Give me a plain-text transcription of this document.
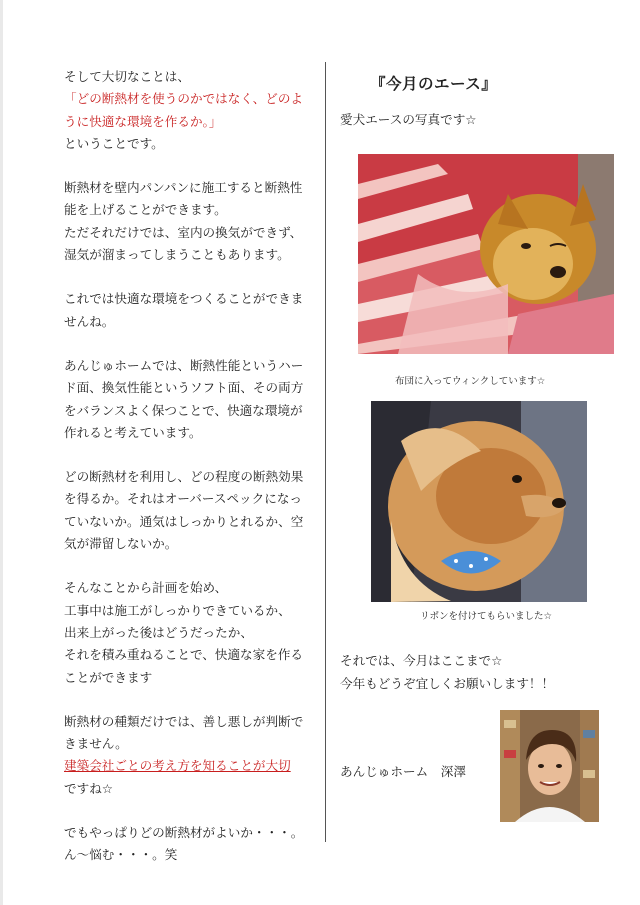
そして大切なことは、
「どの断熱材を使うのかではなく、どのよ
うに快適な環境を作るか。」
ということです。

断熱材を壁内パンパンに施工すると断熱性
能を上げることができます。
ただそれだけでは、室内の換気ができず、
湿気が溜まってしまうこともあります。

これでは快適な環境をつくることができま
せんね。

あんじゅホームでは、断熱性能というハー
ド面、換気性能というソフト面、その両方
をバランスよく保つことで、快適な環境が
作れると考えています。

どの断熱材を利用し、どの程度の断熱効果
を得るか。それはオーバースペックになっ
ていないか。通気はしっかりとれるか、空
気が滞留しないか。

そんなことから計画を始め、
工事中は施工がしっかりできているか、
出来上がった後はどうだったか、
それを積み重ねることで、快適な家を作る
ことができます

断熱材の種類だけでは、善し悪しが判断で
きません。
建築会社ごとの考え方を知ることが大切
ですね☆

でもやっぱりどの断熱材がよいか・・・。
ん～悩む・・・。笑

『今月のエース』
愛犬エースの写真です☆
布団に入ってウィンクしています☆
リボンを付けてもらいました☆
それでは、今月はここまで☆
今年もどうぞ宜しくお願いします！！
あんじゅホーム　深澤
